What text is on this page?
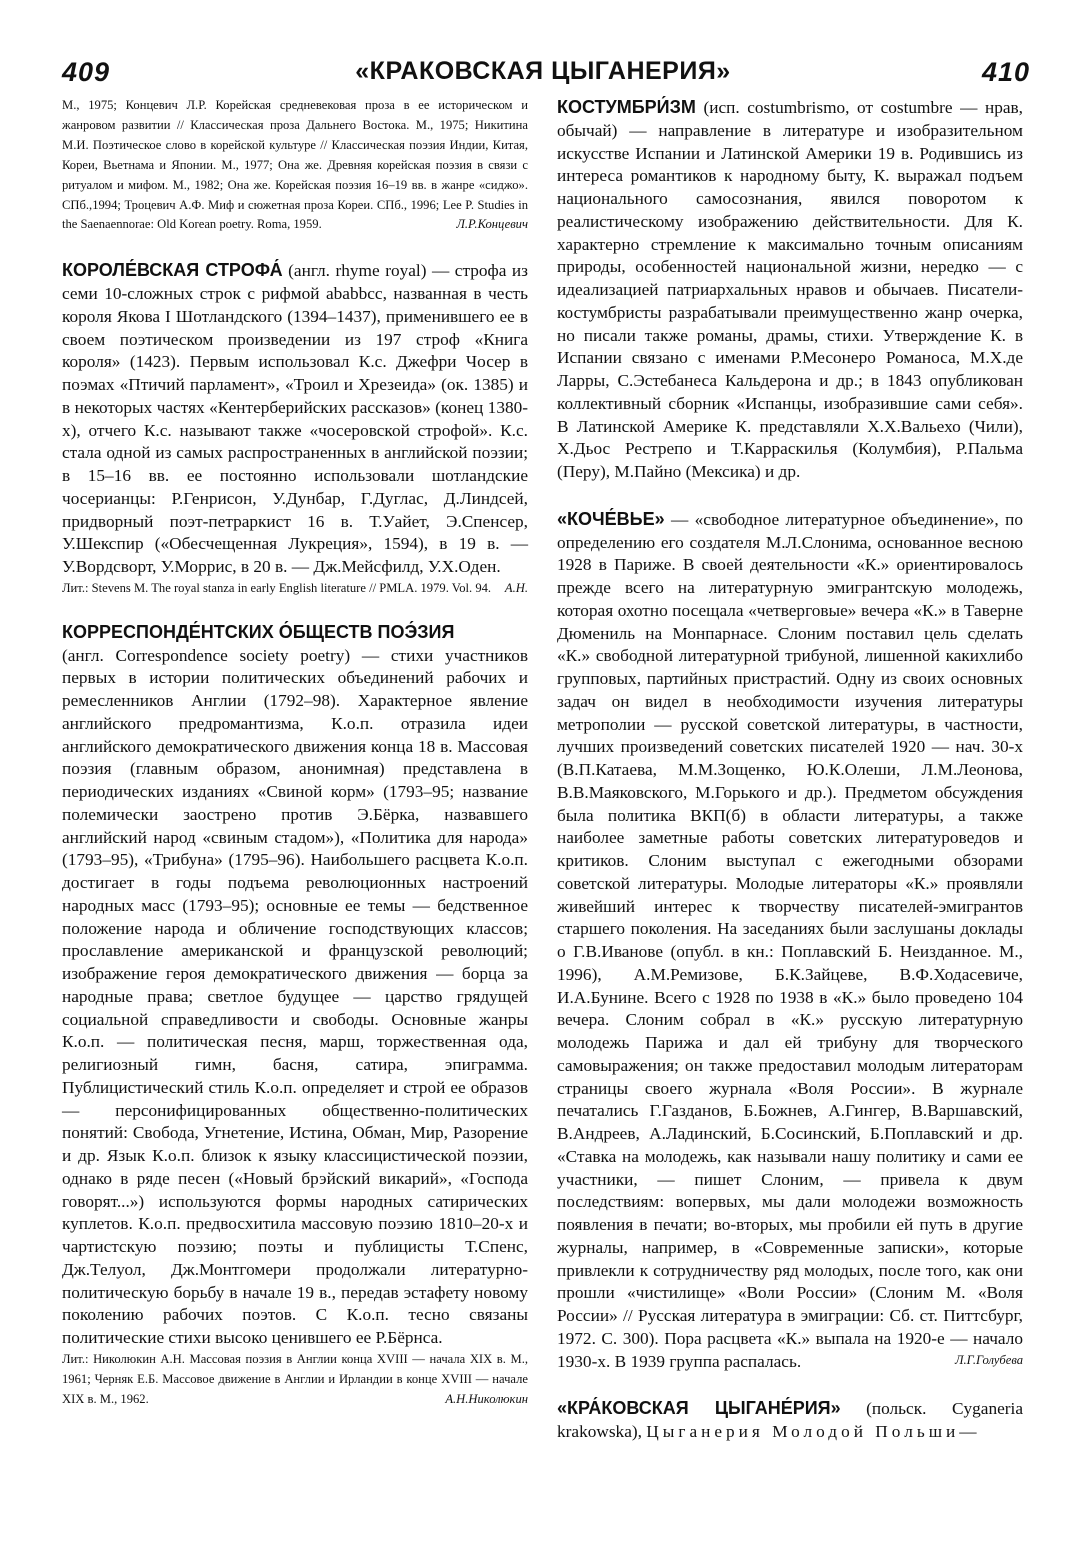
409	«КРАКОВСКАЯ ЦЫГАНЕРИЯ»	410

М., 1975; Концевич Л.Р. Корейская средневековая проза в ее историческом и жанровом развитии // Классическая проза Дальнего Востока. М., 1975; Никитина М.И. Поэтическое слово в корейской культуре // Классическая поэзия Индии, Китая, Кореи, Вьетнама и Японии. М., 1977; Она же. Древняя корейская поэзия в связи с ритуалом и мифом. М., 1982; Она же. Корейская поэзия 16–19 вв. в жанре «сиджо». СПб.,1994; Троцевич А.Ф. Миф и сюжетная проза Кореи. СПб., 1996; Lee P. Studies in the Saenaennorae: Old Korean poetry. Roma, 1959.	Л.Р.Концевич

КОРОЛЕ́ВСКАЯ СТРОФА́ (англ. rhyme royal) — строфа из семи 10-сложных строк с рифмой ababbcc, названная в честь короля Якова I Шотландского (1394–1437), применившего ее в своем поэтическом произведении из 197 строф «Книга короля» (1423). Первым использовал К.с. Джефри Чосер в поэмах «Птичий парламент», «Троил и Хрезеида» (ок. 1385) и в некоторых частях «Кентерберийских рассказов» (конец 1380-х), отчего К.с. называют также «чосеровской строфой». К.с. стала одной из самых распространенных в английской поэзии; в 15–16 вв. ее постоянно использовали шотландские чосерианцы: Р.Генрисон, У.Дунбар, Г.Дуглас, Д.Линдсей, придворный поэт-петраркист 16 в. Т.Уайет, Э.Спенсер, У.Шекспир («Обесчещенная Лукреция», 1594), в 19 в. — У.Вордсворт, У.Моррис, в 20 в. — Дж.Мейсфилд, У.Х.Оден.

Лит.: Stevens M. The royal stanza in early English literature // PMLA. 1979. Vol. 94.	А.Н.

КОРРЕСПОНДЕ́НТСКИХ О́БЩЕСТВ ПОЭ́ЗИЯ

(англ. Correspondence society poetry) — стихи участников первых в истории политических объединений рабочих и ремесленников Англии (1792–98). Характерное явление английского предромантизма, К.о.п. отразила идеи английского демократического движения конца 18 в. Массовая поэзия (главным образом, анонимная) представлена в периодических изданиях «Свиной корм» (1793–95; название полемически заострено против Э.Бёрка, назвавшего английский народ «свиным стадом»), «Политика для народа» (1793–95), «Трибуна» (1795–96). Наибольшего расцвета К.о.п. достигает в годы подъема революционных настроений народных масс (1793–95); основные ее темы — бедственное положение народа и обличение господствующих классов; прославление американской и французской революций; изображение героя демократического движения — борца за народные права; светлое будущее — царство грядущей социальной справедливости и свободы. Основные жанры К.о.п. — политическая песня, марш, торжественная ода, религиозный гимн, басня, сатира, эпиграмма. Публицистический стиль К.о.п. определяет и строй ее образов — персонифицированных общественно-политических понятий: Свобода, Угнетение, Истина, Обман, Мир, Разорение и др. Язык К.о.п. близок к языку классицистической поэзии, однако в ряде песен («Новый брэйский викарий», «Господа говорят...») используются формы народных сатирических куплетов. К.о.п. предвосхитила массовую поэзию 1810–20-х и чартистскую поэзию; поэты и публицисты Т.Спенс, Дж.Телуол, Дж.Монтгомери продолжали литературно-политическую борьбу в начале 19 в., передав эстафету новому поколению рабочих поэтов. С К.о.п. тесно связаны политические стихи высоко ценившего ее Р.Бёрнса.

Лит.: Николюкин А.Н. Массовая поэзия в Англии конца XVIII — начала XIX в. М., 1961; Черняк Е.Б. Массовое движение в Англии и Ирландии в конце XVIII — начале XIX в. М., 1962.	А.Н.Николюкин

КОСТУМБРИ́ЗМ (исп. costumbrismo, от costumbre — нрав, обычай) — направление в литературе и изобразительном искусстве Испании и Латинской Америки 19 в. Родившись из интереса романтиков к народному быту, К. выражал подъем национального самосознания, явился поворотом к реалистическому изображению действительности. Для К. характерно стремление к максимально точным описаниям природы, особенностей национальной жизни, нередко — с идеализацией патриархальных нравов и обычаев. Писатели-костумбристы разрабатывали преимущественно жанр очерка, но писали также романы, драмы, стихи. Утверждение К. в Испании связано с именами Р.Месонеро Романоса, М.Х.де Ларры, С.Эстебанеса Кальдерона и др.; в 1843 опубликован коллективный сборник «Испанцы, изобразившие сами себя». В Латинской Америке К. представляли Х.Х.Вальехо (Чили), Х.Дьос Рестрепо и Т.Карраскилья (Колумбия), Р.Пальма (Перу), М.Пайно (Мексика) и др.

«КОЧЕ́ВЬЕ» — «свободное литературное объединение», по определению его создателя М.Л.Слонима, основанное весною 1928 в Париже. В своей деятельности «К.» ориентировалось прежде всего на литературную эмигрантскую молодежь, которая охотно посещала «четверговые» вечера «К.» в Таверне Дюмениль на Монпарнасе. Слоним поставил цель сделать «К.» свободной литературной трибуной, лишенной какихлибо групповых, партийных пристрастий. Одну из своих основных задач он видел в необходимости изучения литературы метрополии — русской советской литературы, в частности, лучших произведений советских писателей 1920 — нач. 30-х (В.П.Катаева, М.М.Зощенко, Ю.К.Олеши, Л.М.Леонова, В.В.Маяковского, М.Горького и др.). Предметом обсуждения была политика ВКП(б) в области литературы, а также наиболее заметные работы советских литературоведов и критиков. Слоним выступал с ежегодными обзорами советской литературы. Молодые литераторы «К.» проявляли живейший интерес к творчеству писателей-эмигрантов старшего поколения. На заседаниях были заслушаны доклады о Г.В.Иванове (опубл. в кн.: Поплавский Б. Неизданное. М., 1996), А.М.Ремизове, Б.К.Зайцеве, В.Ф.Ходасевиче, И.А.Бунине. Всего с 1928 по 1938 в «К.» было проведено 104 вечера. Слоним собрал в «К.» русскую литературную молодежь Парижа и дал ей трибуну для творческого самовыражения; он также предоставил молодым литераторам страницы своего журнала «Воля России». В журнале печатались Г.Газданов, Б.Божнев, А.Гингер, В.Варшавский, В.Андреев, А.Ладинский, Б.Сосинский, Б.Поплавский и др. «Ставка на молодежь, как называли нашу политику и сами ее участники, — пишет Слоним, — привела к двум последствиям: вопервых, мы дали молодежи возможность появления в печати; во-вторых, мы пробили ей путь в другие журналы, например, в «Современные записки», которые привлекли к сотрудничеству ряд молодых, после того, как они прошли «чистилище» «Воли России» (Слоним М. «Воля России» // Русская литература в эмиграции: Сб. ст. Питтсбург, 1972. С. 300). Пора расцвета «К.» выпала на 1920-е — начало 1930-х. В 1939 группа распалась.	Л.Г.Голубева

«КРА́КОВСКАЯ ЦЫГАНЕ́РИЯ» (польск. Cyganeria krakowska), Цыганерия Молодой Польши—
